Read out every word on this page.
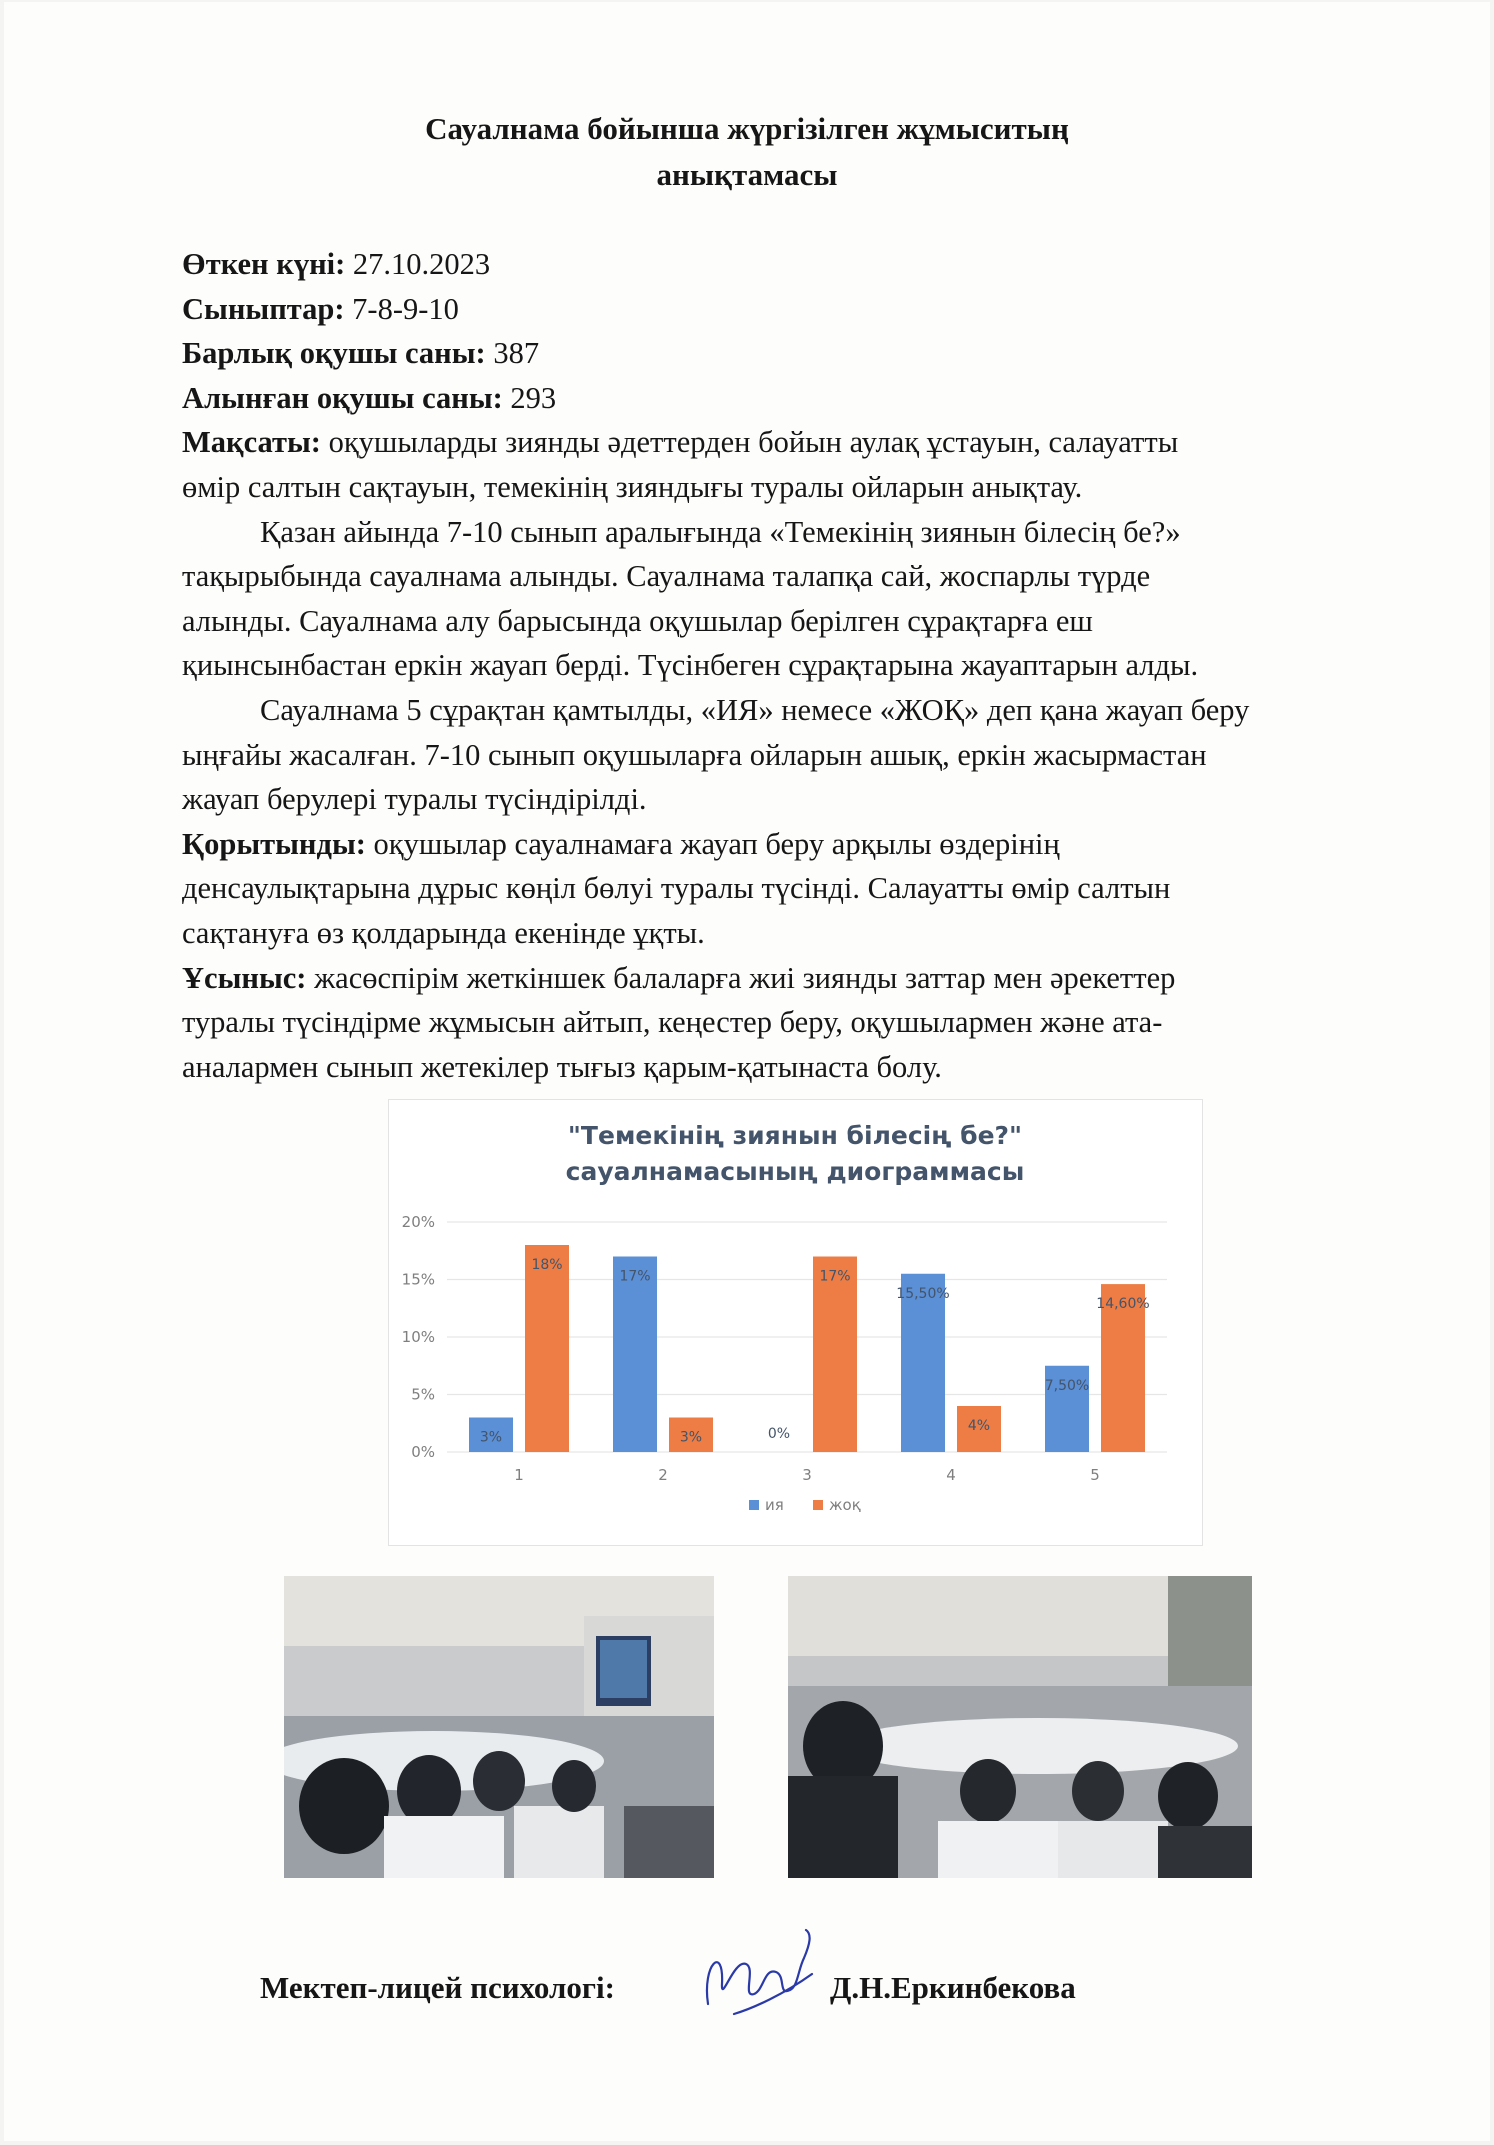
Сауалнама бойынша жүргізілген жұмыситың
анықтамасы
Өткен күні: 27.10.2023
Сыныптар: 7-8-9-10
Барлық оқушы саны: 387
Алынған оқушы саны: 293
Мақсаты: оқушыларды зиянды әдеттерден бойын аулақ ұстауын, салауатты
өмір салтын сақтауын, темекінің зияндығы туралы ойларын анықтау.
Қазан айында 7-10 сынып аралығында «Темекінің зиянын білесің бе?»
тақырыбында сауалнама алынды. Сауалнама талапқа сай, жоспарлы түрде
алынды. Сауалнама алу барысында оқушылар берілген сұрақтарға еш
қиынсынбастан еркін жауап берді. Түсінбеген сұрақтарына жауаптарын алды.
Сауалнама 5 сұрақтан қамтылды, «ИЯ» немесе «ЖОҚ» деп қана жауап беру
ыңғайы жасалған. 7-10 сынып оқушыларға ойларын ашық, еркін жасырмастан
жауап берулері туралы түсіндірілді.
Қорытынды: оқушылар сауалнамаға жауап беру арқылы өздерінің
денсаулықтарына дұрыс көңіл бөлуі туралы түсінді. Салауатты өмір салтын
сақтануға өз қолдарында екенінде ұқты.
Ұсыныс: жасөспірім жеткіншек балаларға жиі зиянды заттар мен әрекеттер
туралы түсіндірме жұмысын айтып, кеңестер беру, оқушылармен және ата-
аналармен сынып жетекілер тығыз қарым-қатынаста болу.
"Темекінің зиянын білесің бе?"
сауалнамасының диограммасы
0%
5%
10%
15%
20%
3%
18%
1
17%
3%
2
0%
17%
3
15,50%
4%
4
7,50%
14,60%
5
ия	жоқ
Мектеп-лицей психологі:	Д.Н.Еркинбекова
